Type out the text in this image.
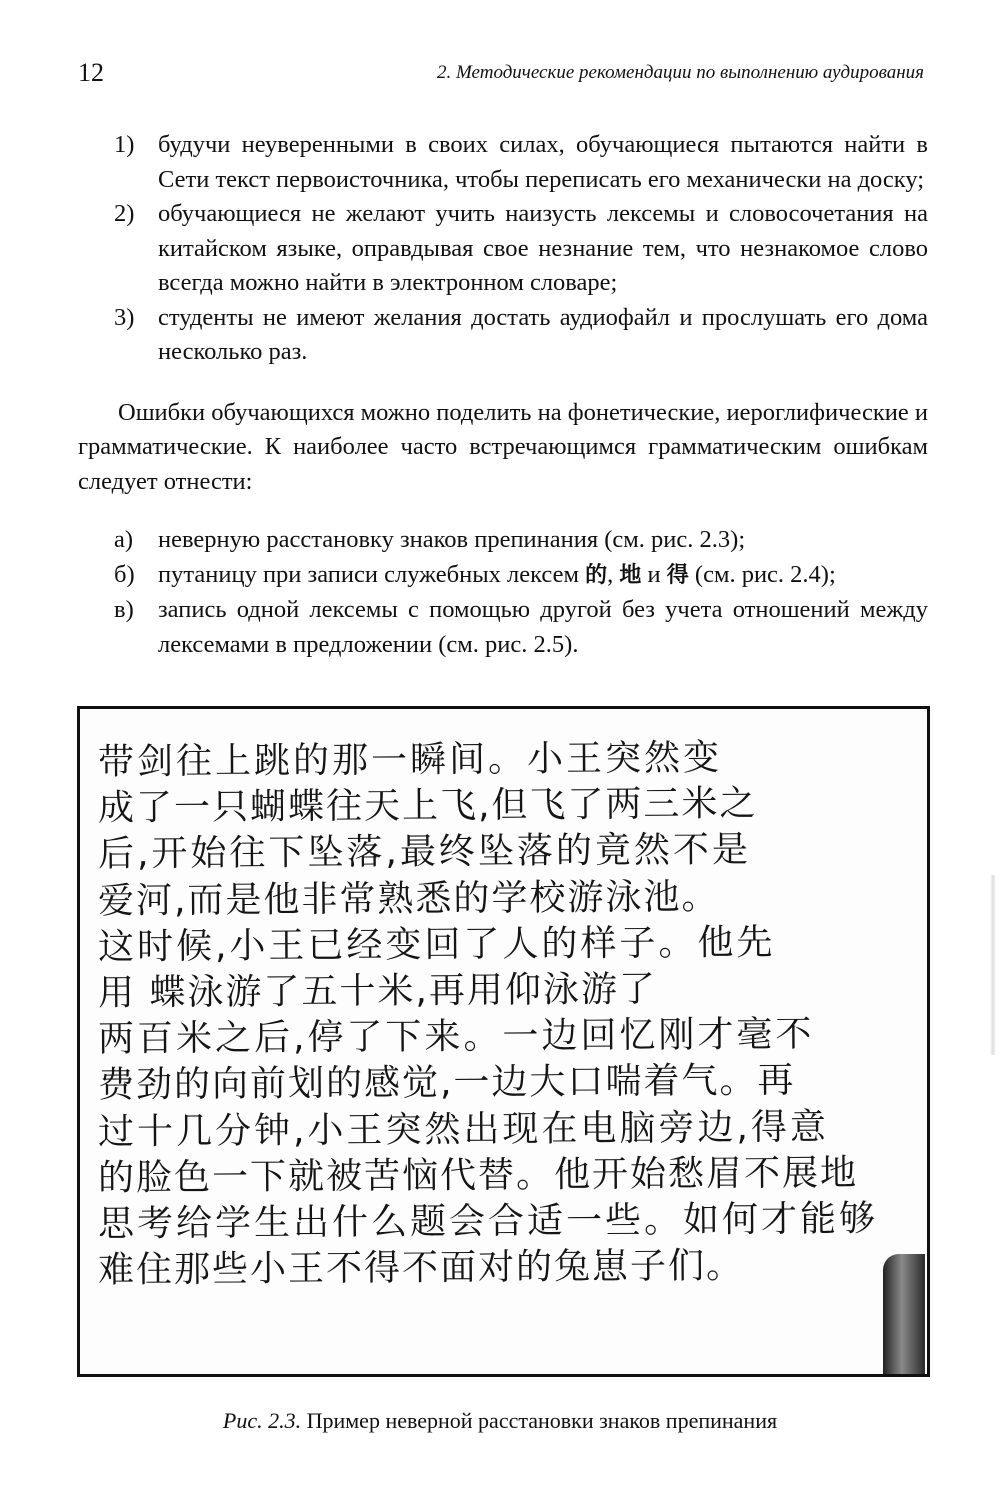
12	2. Методические рекомендации по выполнению аудирования
1) будучи неуверенными в своих силах, обучающиеся пытаются найти в Сети текст первоисточника, чтобы переписать его механически на доску;
2) обучающиеся не желают учить наизусть лексемы и словосочетания на китайском языке, оправдывая свое незнание тем, что незнакомое слово всегда можно найти в электронном словаре;
3) студенты не имеют желания достать аудиофайл и прослушать его дома несколько раз.

Ошибки обучающихся можно поделить на фонетические, иероглифические и грамматические. К наиболее часто встречающимся грамматическим ошибкам следует отнести:

а) неверную расстановку знаков препинания (см. рис. 2.3);
б) путаницу при записи служебных лексем 的, 地 и 得 (см. рис. 2.4);
в) запись одной лексемы с помощью другой без учета отношений между лексемами в предложении (см. рис. 2.5).
带剑往上跳的那一瞬间。小王突然变
成了一只蝴蝶往天上飞,但飞了两三米之
后,开始往下坠落,最终坠落的竟然不是
爱河,而是他非常熟悉的学校游泳池。
这时候,小王已经变回了人的样子。他先
用 蝶泳游了五十米,再用仰泳游了
两百米之后,停了下来。一边回忆刚才毫不
费劲的向前划的感觉,一边大口喘着气。再
过十几分钟,小王突然出现在电脑旁边,得意
的脸色一下就被苦恼代替。他开始愁眉不展地
思考给学生出什么题会合适一些。如何才能够
难住那些小王不得不面对的兔崽子们。
Рис. 2.3. Пример неверной расстановки знаков препинания
